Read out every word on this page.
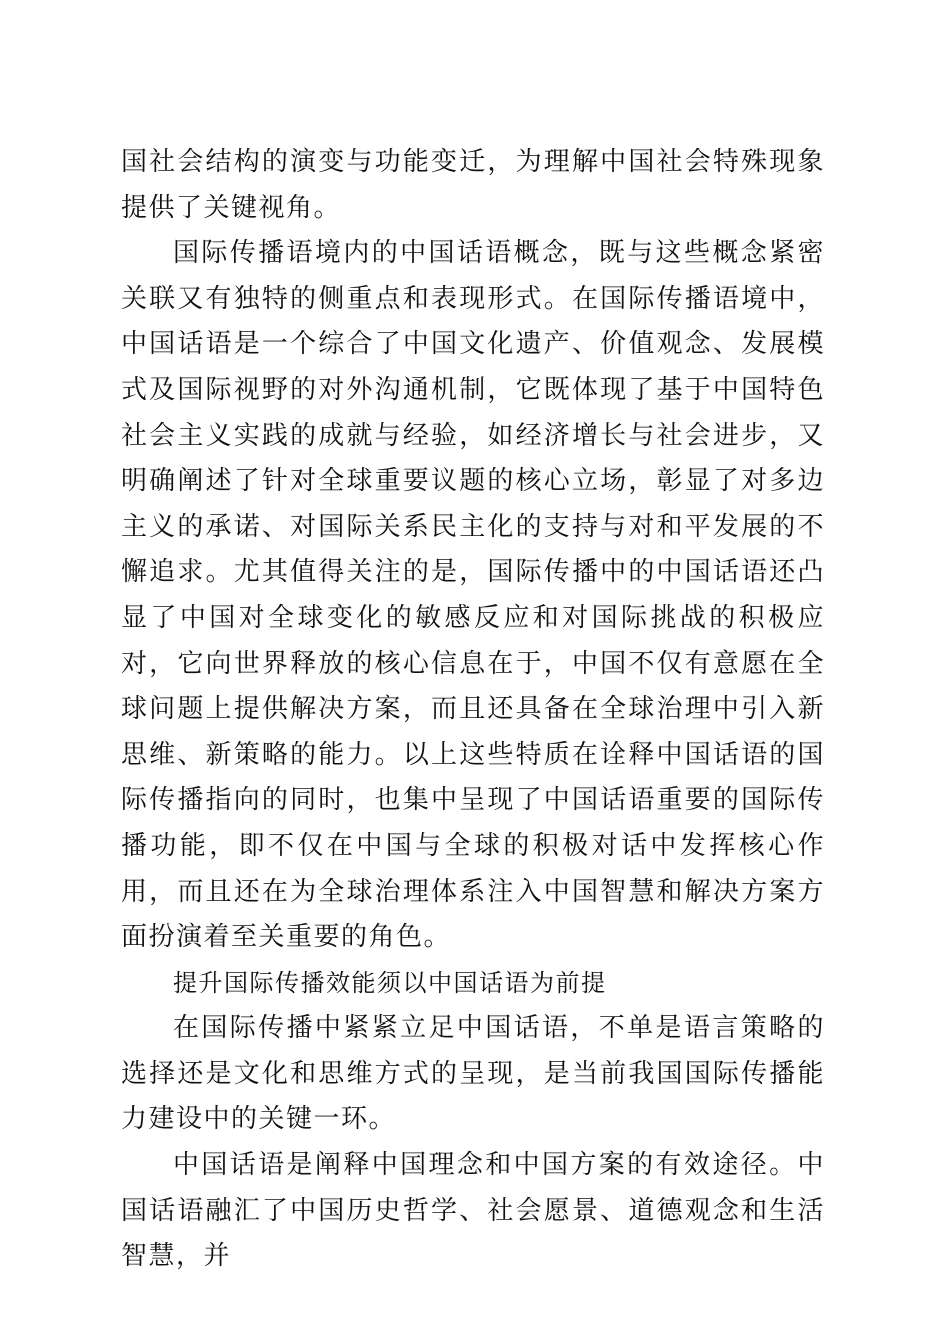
国社会结构的演变与功能变迁，为理解中国社会特殊现象提供了关键视角。

国际传播语境内的中国话语概念，既与这些概念紧密关联又有独特的侧重点和表现形式。在国际传播语境中，中国话语是一个综合了中国文化遗产、价值观念、发展模式及国际视野的对外沟通机制，它既体现了基于中国特色社会主义实践的成就与经验，如经济增长与社会进步，又明确阐述了针对全球重要议题的核心立场，彰显了对多边主义的承诺、对国际关系民主化的支持与对和平发展的不懈追求。尤其值得关注的是，国际传播中的中国话语还凸显了中国对全球变化的敏感反应和对国际挑战的积极应对，它向世界释放的核心信息在于，中国不仅有意愿在全球问题上提供解决方案，而且还具备在全球治理中引入新思维、新策略的能力。以上这些特质在诠释中国话语的国际传播指向的同时，也集中呈现了中国话语重要的国际传播功能，即不仅在中国与全球的积极对话中发挥核心作用，而且还在为全球治理体系注入中国智慧和解决方案方面扮演着至关重要的角色。

提升国际传播效能须以中国话语为前提

在国际传播中紧紧立足中国话语，不单是语言策略的选择还是文化和思维方式的呈现，是当前我国国际传播能力建设中的关键一环。

中国话语是阐释中国理念和中国方案的有效途径。中国话语融汇了中国历史哲学、社会愿景、道德观念和生活智慧，并
